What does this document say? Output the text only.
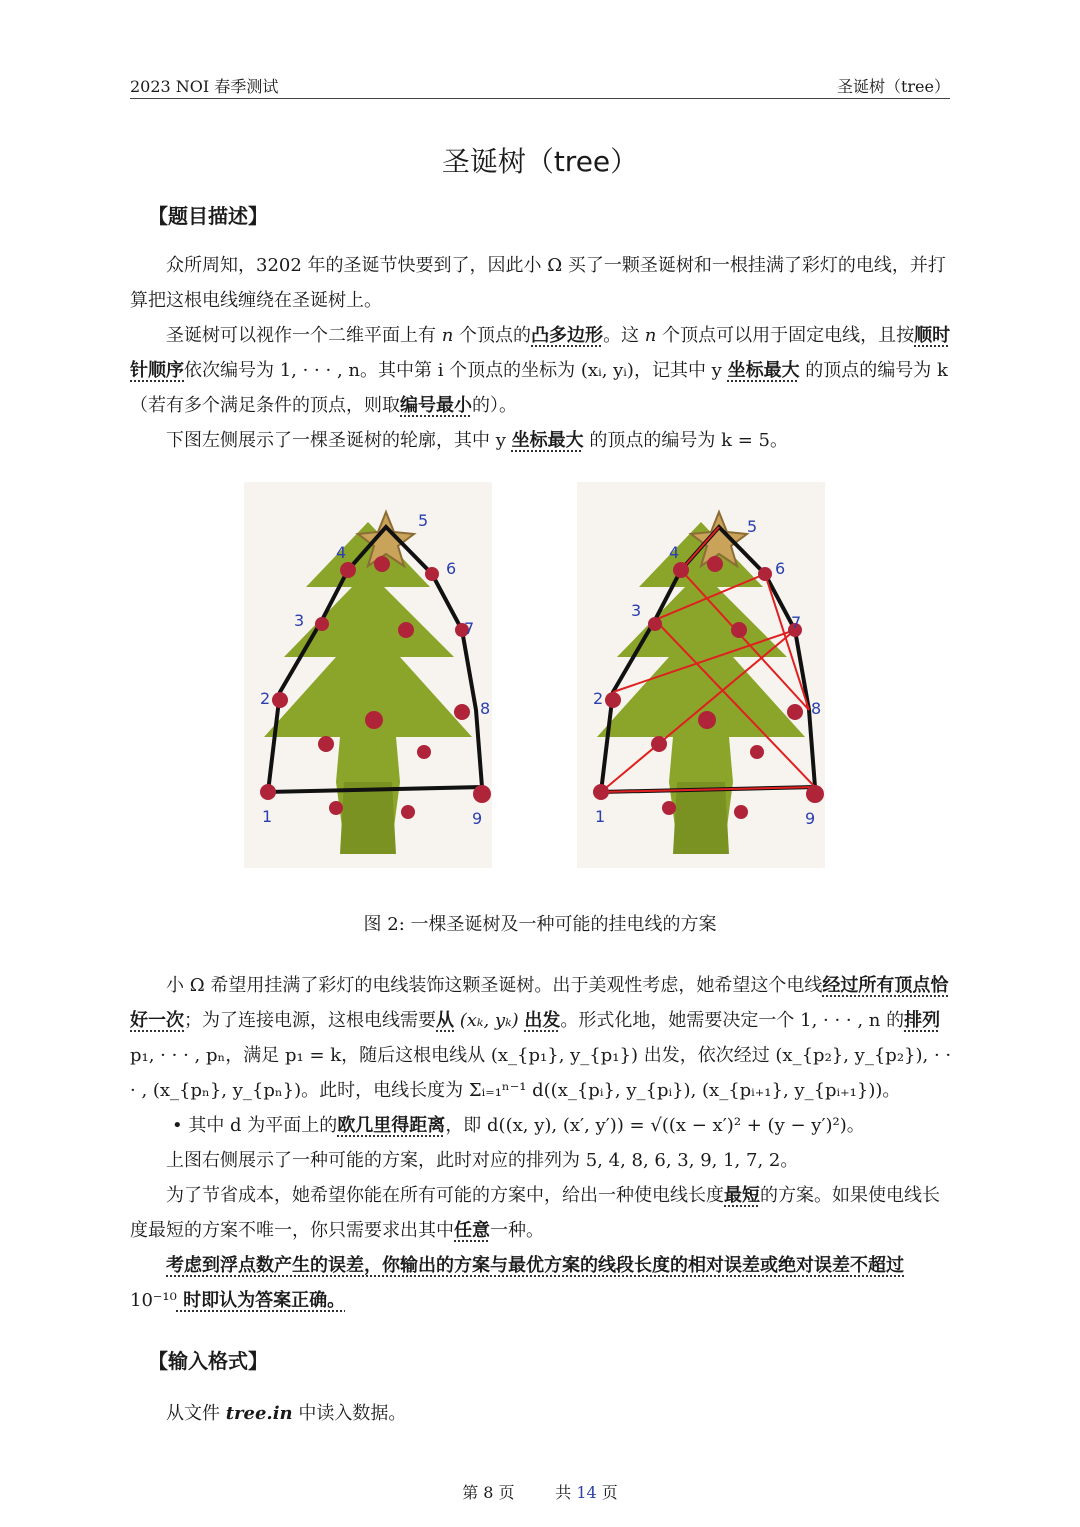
2023 NOI 春季测试	圣诞树（tree）
圣诞树（tree）
【题目描述】

众所周知，3202 年的圣诞节快要到了，因此小 Ω 买了一颗圣诞树和一根挂满了彩灯的电线，并打算把这根电线缠绕在圣诞树上。

圣诞树可以视作一个二维平面上有 n 个顶点的凸多边形。这 n 个顶点可以用于固定电线，且按顺时针顺序依次编号为 1, · · · , n。其中第 i 个顶点的坐标为 (xᵢ, yᵢ)，记其中 y 坐标最大 的顶点的编号为 k（若有多个满足条件的顶点，则取编号最小的）。

下图左侧展示了一棵圣诞树的轮廓，其中 y 坐标最大 的顶点的编号为 k = 5。

1
2
3
4
5
6
7
8
9	1
2
3
4
5
6
7
8
9
图 2: 一棵圣诞树及一种可能的挂电线的方案

小 Ω 希望用挂满了彩灯的电线装饰这颗圣诞树。出于美观性考虑，她希望这个电线经过所有顶点恰好一次；为了连接电源，这根电线需要从 (xₖ, yₖ) 出发。形式化地，她需要决定一个 1, · · · , n 的排列 p₁, · · · , pₙ，满足 p₁ = k，随后这根电线从 (x_{p₁}, y_{p₁}) 出发，依次经过 (x_{p₂}, y_{p₂}), · · · , (x_{pₙ}, y_{pₙ})。此时，电线长度为 Σᵢ₌₁ⁿ⁻¹ d((x_{pᵢ}, y_{pᵢ}), (x_{pᵢ₊₁}, y_{pᵢ₊₁}))。

• 其中 d 为平面上的欧几里得距离，即 d((x, y), (x′, y′)) = √((x − x′)² + (y − y′)²)。

上图右侧展示了一种可能的方案，此时对应的排列为 5, 4, 8, 6, 3, 9, 1, 7, 2。

为了节省成本，她希望你能在所有可能的方案中，给出一种使电线长度最短的方案。如果使电线长度最短的方案不唯一，你只需要求出其中任意一种。

考虑到浮点数产生的误差，你输出的方案与最优方案的线段长度的相对误差或绝对误差不超过 10⁻¹⁰ 时即认为答案正确。

【输入格式】

从文件 tree.in 中读入数据。

第 8 页	共 14 页
